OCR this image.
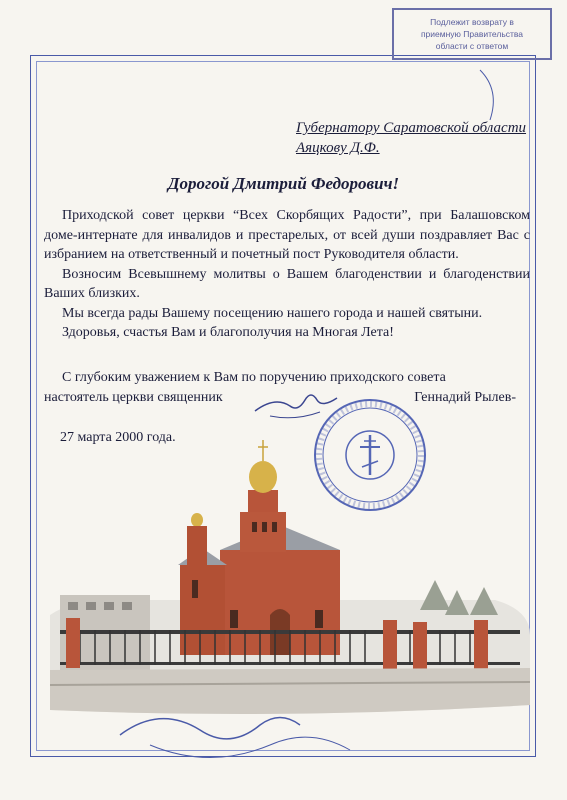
Подлежит возврату в
приемную Правительства
области с ответом
Губернатору Саратовской области
Аяцкову Д.Ф.
Дорогой Дмитрий Федорович!

Приходской совет церкви “Всех Скорбящих Радости”, при Балашовском доме-интернате для инвалидов и престарелых, от всей души поздравляет Вас с избранием на ответственный и почетный пост Руководителя области.

Возносим Всевышнему молитвы о Вашем благоденствии и благоденствии Ваших близких.

Мы всегда рады Вашему посещению нашего города и нашей святыни.

Здоровья, счастья Вам и благополучия на Многая Лета!

С глубоким уважением к Вам по поручению приходского совета
настоятель церкви священник	Геннадий Рылев-
27 марта 2000 года.
